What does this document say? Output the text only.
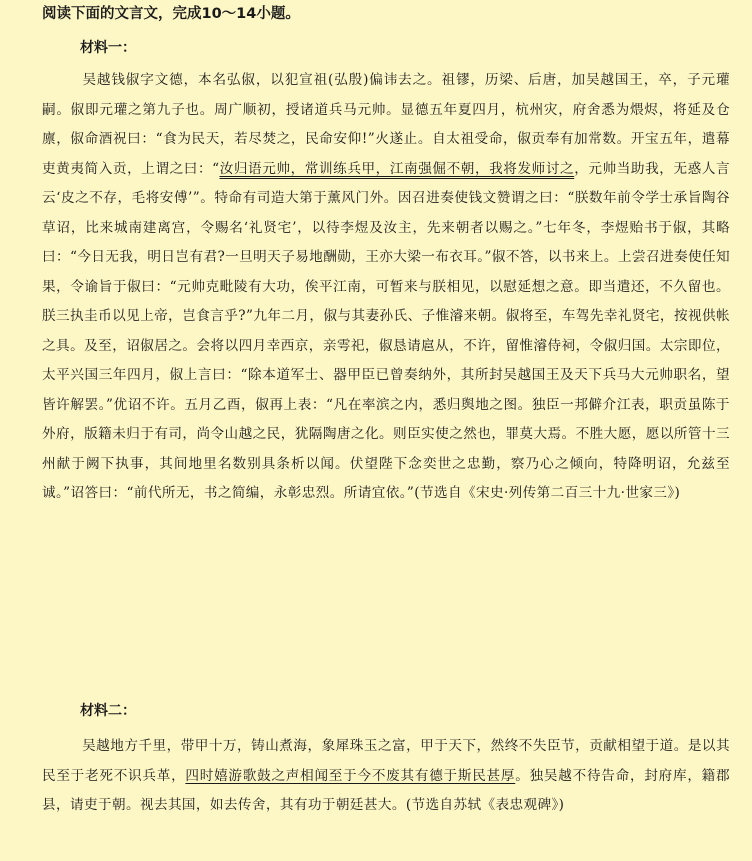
阅读下面的文言文，完成10～14小题。
材料一：
吴越钱俶字文德，本名弘俶，以犯宣祖(弘殷)偏讳去之。祖镠，历梁、后唐，加吴越国王，卒，子元瓘嗣。俶即元瓘之第九子也。周广顺初，授诸道兵马元帅。显德五年夏四月，杭州灾，府舍悉为煨烬，将延及仓廪，俶命酒祝曰：“食为民天，若尽焚之，民命安仰!”火遂止。自太祖受命，俶贡奉有加常数。开宝五年，遣幕吏黄夷简入贡，上谓之曰：“汝归语元帅，常训练兵甲，江南强倔不朝，我将发师讨之，元帅当助我，无惑人言云‘皮之不存，毛将安傅’”。特命有司造大第于薰风门外。因召进奏使钱文赞谓之曰：“朕数年前令学士承旨陶谷草诏，比来城南建离宫，令赐名‘礼贤宅’，以待李煜及汝主，先来朝者以赐之。”七年冬，李煜贻书于俶，其略曰：“今日无我，明日岂有君?一旦明天子易地酬勋，王亦大梁一布衣耳。”俶不答，以书来上。上尝召进奏使任知果，令谕旨于俶曰：“元帅克毗陵有大功，俟平江南，可暂来与朕相见，以慰延想之意。即当遣还，不久留也。朕三执圭币以见上帝，岂食言乎?”九年二月，俶与其妻孙氏、子惟濬来朝。俶将至，车驾先幸礼贤宅，按视供帐之具。及至，诏俶居之。会将以四月幸西京，亲雩祀，俶恳请扈从，不许，留惟濬侍祠，令俶归国。太宗即位，太平兴国三年四月，俶上言曰：“除本道军士、器甲臣已曾奏纳外，其所封吴越国王及天下兵马大元帅职名，望皆许解罢。”优诏不许。五月乙酉，俶再上表：“凡在率滨之内，悉归舆地之图。独臣一邦僻介江表，职贡虽陈于外府，版籍未归于有司，尚令山越之民，犹隔陶唐之化。则臣实使之然也，罪莫大焉。不胜大愿，愿以所管十三州献于阙下执事，其间地里名数别具条析以闻。伏望陛下念奕世之忠勤，察乃心之倾向，特降明诏，允兹至诚。”诏答曰：“前代所无，书之简编，永彰忠烈。所请宜依。”(节选自《宋史·列传第二百三十九·世家三》)
材料二：
吴越地方千里，带甲十万，铸山煮海，象犀珠玉之富，甲于天下，然终不失臣节，贡献相望于道。是以其民至于老死不识兵革，四时嬉游歌鼓之声相闻至于今不废其有德于斯民甚厚。独吴越不待告命，封府库，籍郡县，请吏于朝。视去其国，如去传舍，其有功于朝廷甚大。(节选自苏轼《表忠观碑》)
